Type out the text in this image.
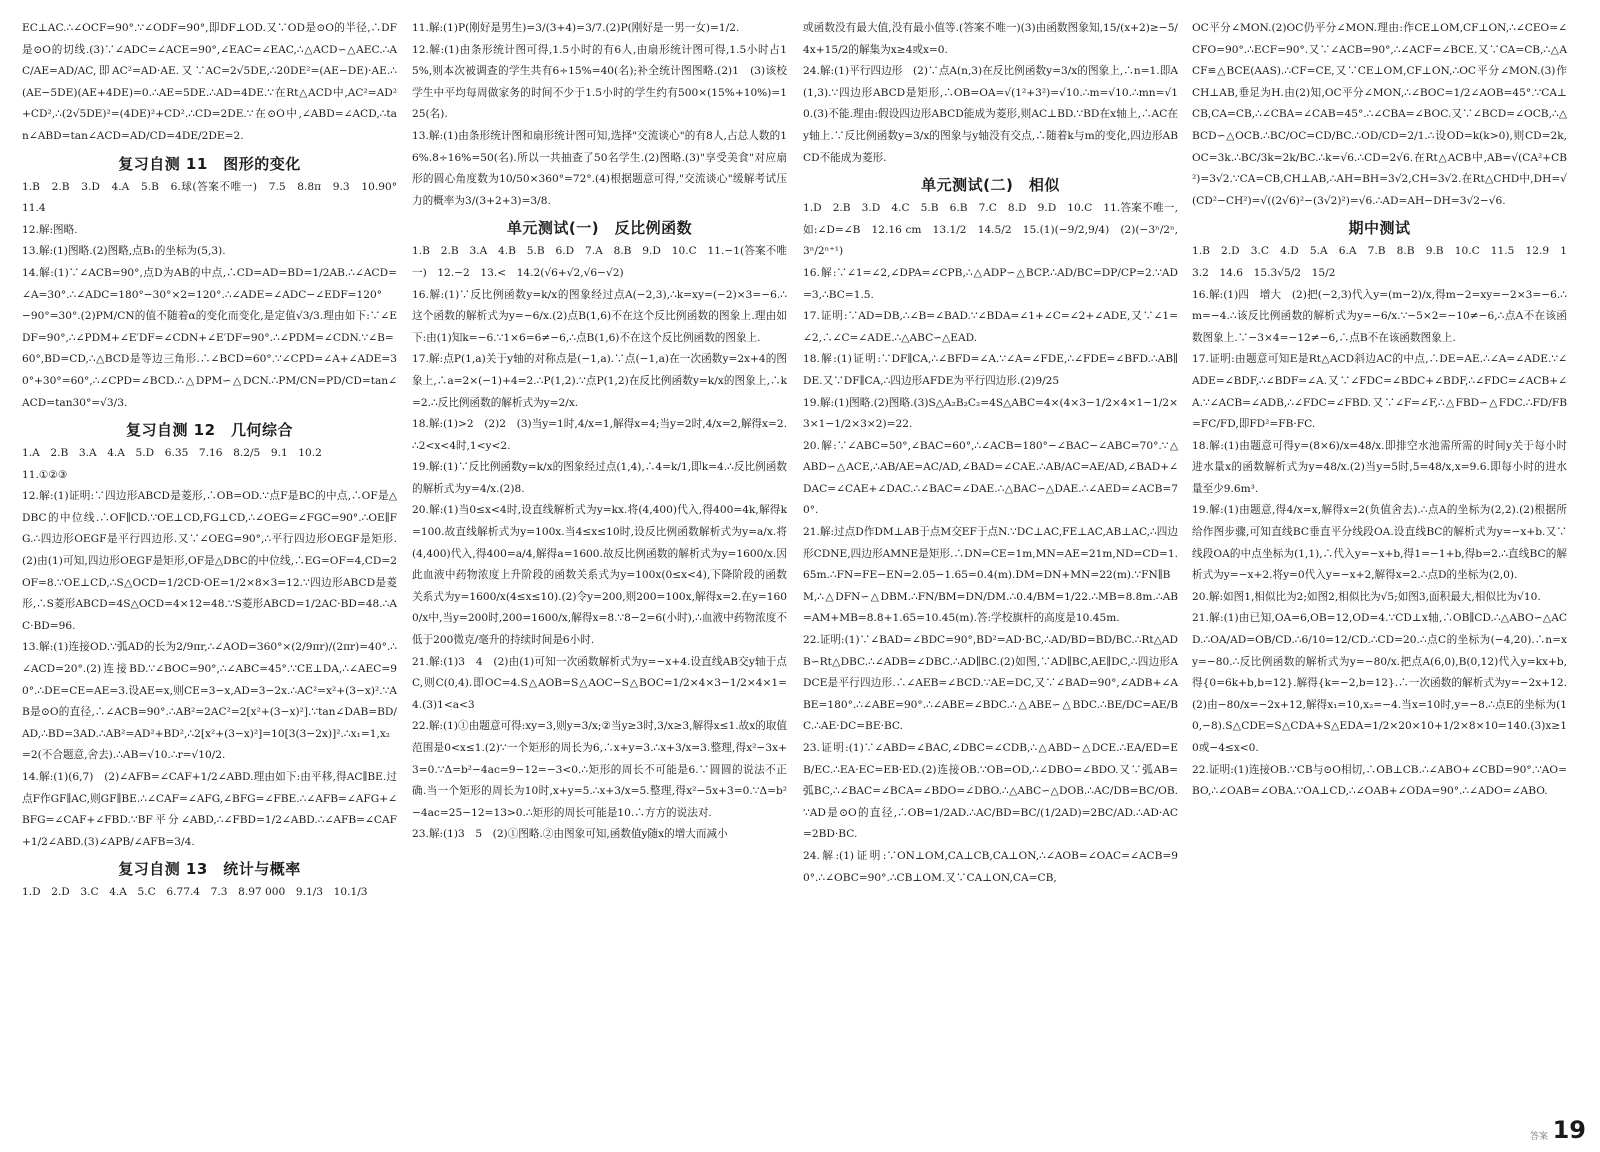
EC⊥AC.∴∠OCF=90°.∵∠ODF=90°,即DF⊥OD.又∵OD是⊙O的半径,∴DF是⊙O的切线.(3)∵∠ADC=∠ACE=90°,∠EAC=∠EAC,∴△ACD∽△AEC.∴AC/AE=AD/AC,即AC²=AD·AE.又∵AC=2√5DE,∴20DE²=(AE−DE)·AE.∴(AE−5DE)(AE+4DE)=0.∴AE=5DE.∴AD=4DE.∵在Rt△ACD中,AC²=AD²+CD²,∴(2√5DE)²=(4DE)²+CD².∴CD=2DE.∵在⊙O中,∠ABD=∠ACD,∴tan∠ABD=tan∠ACD=AD/CD=4DE/2DE=2.

复习自测 11　图形的变化

1.B　2.B　3.D　4.A　5.B　6.球(答案不唯一)　7.5　8.8π　9.3　10.90°　11.4

12.解:图略.

13.解:(1)图略.(2)图略,点B₁的坐标为(5,3).

14.解:(1)∵∠ACB=90°,点D为AB的中点,∴CD=AD=BD=1/2AB.∴∠ACD=∠A=30°.∴∠ADC=180°−30°×2=120°.∴∠ADE=∠ADC−∠EDF=120°−90°=30°.(2)PM/CN的值不随着α的变化而变化,是定值√3/3.理由如下:∵∠EDF=90°,∴∠PDM+∠E′DF=∠CDN+∠E′DF=90°.∴∠PDM=∠CDN.∵∠B=60°,BD=CD,∴△BCD是等边三角形.∴∠BCD=60°.∵∠CPD=∠A+∠ADE=30°+30°=60°,∴∠CPD=∠BCD.∴△DPM∽△DCN.∴PM/CN=PD/CD=tan∠ACD=tan30°=√3/3.

复习自测 12　几何综合

1.A　2.B　3.A　4.A　5.D　6.35　7.16　8.2/5　9.1　10.2

11.①②③

12.解:(1)证明:∵四边形ABCD是菱形,∴OB=OD.∵点F是BC的中点,∴OF是△DBC的中位线.∴OF∥CD.∵OE⊥CD,FG⊥CD,∴∠OEG=∠FGC=90°.∴OE∥FG.∴四边形OEGF是平行四边形.又∵∠OEG=90°,∴平行四边形OEGF是矩形.(2)由(1)可知,四边形OEGF是矩形,OF是△DBC的中位线,∴EG=OF=4,CD=2OF=8.∵OE⊥CD,∴S△OCD=1/2CD·OE=1/2×8×3=12.∵四边形ABCD是菱形,∴S菱形ABCD=4S△OCD=4×12=48.∵S菱形ABCD=1/2AC·BD=48.∴AC·BD=96.

13.解:(1)连接OD.∵弧AD的长为2/9πr,∴∠AOD=360°×(2/9πr)/(2πr)=40°.∴∠ACD=20°.(2)连接BD.∵∠BOC=90°,∴∠ABC=45°.∵CE⊥DA,∴∠AEC=90°.∴DE=CE=AE=3.设AE=x,则CE=3−x,AD=3−2x.∴AC²=x²+(3−x)².∵AB是⊙O的直径,∴∠ACB=90°.∴AB²=2AC²=2[x²+(3−x)²].∵tan∠DAB=BD/AD,∴BD=3AD.∴AB²=AD²+BD²,∴2[x²+(3−x)²]=10[3(3−2x)]².∴x₁=1,x₂=2(不合题意,舍去).∴AB=√10.∴r=√10/2.

14.解:(1)(6,7)　(2)∠AFB=∠CAF+1/2∠ABD.理由如下:由平移,得AC∥BE.过点F作GF∥AC,则GF∥BE.∴∠CAF=∠AFG,∠BFG=∠FBE.∴∠AFB=∠AFG+∠BFG=∠CAF+∠FBD.∵BF平分∠ABD,∴∠FBD=1/2∠ABD.∴∠AFB=∠CAF+1/2∠ABD.(3)∠APB/∠AFB=3/4.

复习自测 13　统计与概率

1.D　2.D　3.C　4.A　5.C　6.77.4　7.3　8.97 000　9.1/3　10.1/3

11.解:(1)P(刚好是男生)=3/(3+4)=3/7.(2)P(刚好是一男一女)=1/2.

12.解:(1)由条形统计图可得,1.5小时的有6人,由扇形统计图可得,1.5小时占15%,则本次被调查的学生共有6÷15%=40(名);补全统计图图略.(2)1　(3)该校学生中平均每周做家务的时间不少于1.5小时的学生约有500×(15%+10%)=125(名).

13.解:(1)由条形统计图和扇形统计图可知,选择"交流谈心"的有8人,占总人数的16%.8÷16%=50(名).所以一共抽查了50名学生.(2)图略.(3)"享受美食"对应扇形的圆心角度数为10/50×360°=72°.(4)根据题意可得,"交流谈心"缓解考试压力的概率为3/(3+2+3)=3/8.

单元测试(一)　反比例函数

1.B　2.B　3.A　4.B　5.B　6.D　7.A　8.B　9.D　10.C　11.−1(答案不唯一)　12.−2　13.<　14.2(√6+√2,√6−√2)

16.解:(1)∵反比例函数y=k/x的图象经过点A(−2,3),∴k=xy=(−2)×3=−6.∴这个函数的解析式为y=−6/x.(2)点B(1,6)不在这个反比例函数的图象上.理由如下:由(1)知k=−6.∵1×6=6≠−6,∴点B(1,6)不在这个反比例函数的图象上.

17.解:点P(1,a)关于y轴的对称点是(−1,a).∵点(−1,a)在一次函数y=2x+4的图象上,∴a=2×(−1)+4=2.∴P(1,2).∵点P(1,2)在反比例函数y=k/x的图象上,∴k=2.∴反比例函数的解析式为y=2/x.

18.解:(1)>2　(2)2　(3)当y=1时,4/x=1,解得x=4;当y=2时,4/x=2,解得x=2.∴2<x<4时,1<y<2.

19.解:(1)∵反比例函数y=k/x的图象经过点(1,4),∴4=k/1,即k=4.∴反比例函数的解析式为y=4/x.(2)8.

20.解:(1)当0≤x<4时,设直线解析式为y=kx.将(4,400)代入,得400=4k,解得k=100.故直线解析式为y=100x.当4≤x≤10时,设反比例函数解析式为y=a/x.将(4,400)代入,得400=a/4,解得a=1600.故反比例函数的解析式为y=1600/x.因此血液中药物浓度上升阶段的函数关系式为y=100x(0≤x<4),下降阶段的函数关系式为y=1600/x(4≤x≤10).(2)令y=200,则200=100x,解得x=2.在y=1600/x中,当y=200时,200=1600/x,解得x=8.∵8−2=6(小时),∴血液中药物浓度不低于200微克/毫升的持续时间是6小时.

21.解:(1)3　4　(2)由(1)可知一次函数解析式为y=−x+4.设直线AB交y轴于点C,则C(0,4).即OC=4.S△AOB=S△AOC−S△BOC=1/2×4×3−1/2×4×1=4.(3)1<a<3

22.解:(1)①由题意可得:xy=3,则y=3/x;②当y≥3时,3/x≥3,解得x≤1.故x的取值范围是0<x≤1.(2)∵一个矩形的周长为6,∴x+y=3.∴x+3/x=3.整理,得x²−3x+3=0.∵Δ=b²−4ac=9−12=−3<0.∴矩形的周长不可能是6.∵圆圆的说法不正确.当一个矩形的周长为10时,x+y=5.∴x+3/x=5.整理,得x²−5x+3=0.∵Δ=b²−4ac=25−12=13>0.∴矩形的周长可能是10.∴方方的说法对.

23.解:(1)3　5　(2)①图略.②由图象可知,函数值y随x的增大而减小

或函数没有最大值,没有最小值等.(答案不唯一)(3)由函数图象知,15/(x+2)≥−5/4x+15/2的解集为x≥4或x=0.

24.解:(1)平行四边形　(2)∵点A(n,3)在反比例函数y=3/x的图象上,∴n=1.即A(1,3).∵四边形ABCD是矩形,∴OB=OA=√(1²+3²)=√10.∴m=√10.∴mn=√10.(3)不能.理由:假设四边形ABCD能成为菱形,则AC⊥BD.∵BD在x轴上,∴AC在y轴上.∵反比例函数y=3/x的图象与y轴没有交点,∴随着k与m的变化,四边形ABCD不能成为菱形.

单元测试(二)　相似

1.D　2.B　3.D　4.C　5.B　6.B　7.C　8.D　9.D　10.C　11.答案不唯一,如:∠D=∠B　12.16 cm　13.1/2　14.5/2　15.(1)(−9/2,9/4)　(2)(−3ⁿ/2ⁿ,3ⁿ/2ⁿ⁺¹)

16.解:∵∠1=∠2,∠DPA=∠CPB,∴△ADP∽△BCP.∴AD/BC=DP/CP=2.∵AD=3,∴BC=1.5.

17.证明:∵AD=DB,∴∠B=∠BAD.∵∠BDA=∠1+∠C=∠2+∠ADE,又∵∠1=∠2,∴∠C=∠ADE.∴△ABC∽△EAD.

18.解:(1)证明:∵DF∥CA,∴∠BFD=∠A.∵∠A=∠FDE,∴∠FDE=∠BFD.∴AB∥DE.又∵DF∥CA,∴四边形AFDE为平行四边形.(2)9/25

19.解:(1)图略.(2)图略.(3)S△A₂B₂C₂=4S△ABC=4×(4×3−1/2×4×1−1/2×3×1−1/2×3×2)=22.

20.解:∵∠ABC=50°,∠BAC=60°,∴∠ACB=180°−∠BAC−∠ABC=70°.∵△ABD∽△ACE,∴AB/AE=AC/AD,∠BAD=∠CAE.∴AB/AC=AE/AD,∠BAD+∠DAC=∠CAE+∠DAC.∴∠BAC=∠DAE.∴△BAC∽△DAE.∴∠AED=∠ACB=70°.

21.解:过点D作DM⊥AB于点M交EF于点N.∵DC⊥AC,FE⊥AC,AB⊥AC,∴四边形CDNE,四边形AMNE是矩形.∴DN=CE=1m,MN=AE=21m,ND=CD=1.65m.∴FN=FE−EN=2.05−1.65=0.4(m).DM=DN+MN=22(m).∵FN∥BM,∴△DFN∽△DBM.∴FN/BM=DN/DM.∴0.4/BM=1/22.∴MB=8.8m.∴AB=AM+MB=8.8+1.65=10.45(m).答:学校旗杆的高度是10.45m.

22.证明:(1)∵∠BAD=∠BDC=90°,BD²=AD·BC,∴AD/BD=BD/BC.∴Rt△ADB∽Rt△DBC.∴∠ADB=∠DBC.∴AD∥BC.(2)如图,∵AD∥BC,AE∥DC,∴四边形ADCE是平行四边形.∴∠AEB=∠BCD.∵AE=DC,又∵∠BAD=90°,∠ADB+∠ABE=180°.∴∠ABE=90°.∴∠ABE=∠BDC.∴△ABE∽△BDC.∴BE/DC=AE/BC.∴AE·DC=BE·BC.

23.证明:(1)∵∠ABD=∠BAC,∠DBC=∠CDB,∴△ABD∽△DCE.∴EA/ED=EB/EC.∴EA·EC=EB·ED.(2)连接OB.∵OB=OD,∴∠DBO=∠BDO.又∵弧AB=弧BC,∴∠BAC=∠BCA=∠BDO=∠DBO.∴△ABC∽△DOB.∴AC/DB=BC/OB.∵AD是⊙O的直径,∴OB=1/2AD.∴AC/BD=BC/(1/2AD)=2BC/AD.∴AD·AC=2BD·BC.

24.解:(1)证明:∵ON⊥OM,CA⊥CB,CA⊥ON,∴∠AOB=∠OAC=∠ACB=90°.∴∠OBC=90°.∴CB⊥OM.又∵CA⊥ON,CA=CB,

OC平分∠MON.(2)OC仍平分∠MON.理由:作CE⊥OM,CF⊥ON,∴∠CEO=∠CFO=90°.∴ECF=90°.又∵∠ACB=90°,∴∠ACF=∠BCE.又∵CA=CB,∴△ACF≌△BCE(AAS).∴CF=CE,又∵CE⊥OM,CF⊥ON,∴OC平分∠MON.(3)作CH⊥AB,垂足为H.由(2)知,OC平分∠MON,∴∠BOC=1/2∠AOB=45°.∵CA⊥CB,CA=CB,∴∠CBA=∠CAB=45°.∴∠CBA=∠BOC.又∵∠BCD=∠OCB,∴△BCD∽△OCB.∴BC/OC=CD/BC.∴OD/CD=2/1.∴设OD=k(k>0),则CD=2k,OC=3k.∴BC/3k=2k/BC.∴k=√6.∴CD=2√6.在Rt△ACB中,AB=√(CA²+CB²)=3√2.∵CA=CB,CH⊥AB,∴AH=BH=3√2,CH=3√2.在Rt△CHD中,DH=√(CD²−CH²)=√((2√6)²−(3√2)²)=√6.∴AD=AH−DH=3√2−√6.

期中测试

1.B　2.D　3.C　4.D　5.A　6.A　7.B　8.B　9.B　10.C　11.5　12.9　13.2　14.6　15.3√5/2　15/2

16.解:(1)四　增大　(2)把(−2,3)代入y=(m−2)/x,得m−2=xy=−2×3=−6.∴m=−4.∴该反比例函数的解析式为y=−6/x.∵−5×2=−10≠−6,∴点A不在该函数图象上.∵−3×4=−12≠−6,∴点B不在该函数图象上.

17.证明:由题意可知E是Rt△ACD斜边AC的中点,∴DE=AE.∴∠A=∠ADE.∵∠ADE=∠BDF,∴∠BDF=∠A.又∵∠FDC=∠BDC+∠BDF,∴∠FDC=∠ACB+∠A.∵∠ACB=∠ADB,∴∠FDC=∠FBD.又∵∠F=∠F,∴△FBD∽△FDC.∴FD/FB=FC/FD,即FD²=FB·FC.

18.解:(1)由题意可得y=(8×6)/x=48/x.即排空水池需所需的时间y关于每小时进水量x的函数解析式为y=48/x.(2)当y=5时,5=48/x,x=9.6.即每小时的进水量至少9.6m³.

19.解:(1)由题意,得4/x=x,解得x=2(负值舍去).∴点A的坐标为(2,2).(2)根据所给作图步骤,可知直线BC垂直平分线段OA.设直线BC的解析式为y=−x+b.又∵线段OA的中点坐标为(1,1),∴代入y=−x+b,得1=−1+b,得b=2.∴直线BC的解析式为y=−x+2.将y=0代入y=−x+2,解得x=2.∴点D的坐标为(2,0).

20.解:如图1,相似比为2;如图2,相似比为√5;如图3,面积最大,相似比为√10.

21.解:(1)由已知,OA=6,OB=12,OD=4.∵CD⊥x轴,∴OB∥CD.∴△ABO∽△ACD.∴OA/AD=OB/CD.∴6/10=12/CD.∴CD=20.∴点C的坐标为(−4,20).∴n=xy=−80.∴反比例函数的解析式为y=−80/x.把点A(6,0),B(0,12)代入y=kx+b,得{0=6k+b,b=12}.解得{k=−2,b=12}.∴一次函数的解析式为y=−2x+12.(2)由−80/x=−2x+12,解得x₁=10,x₂=−4.当x=10时,y=−8.∴点E的坐标为(10,−8).S△CDE=S△CDA+S△EDA=1/2×20×10+1/2×8×10=140.(3)x≥10或−4≤x<0.

22.证明:(1)连接OB.∵CB与⊙O相切,∴OB⊥CB.∴∠ABO+∠CBD=90°.∵AO=BO,∴∠OAB=∠OBA.∵OA⊥CD,∴∠OAB+∠ODA=90°.∴∠ADO=∠ABO.

答案 19
